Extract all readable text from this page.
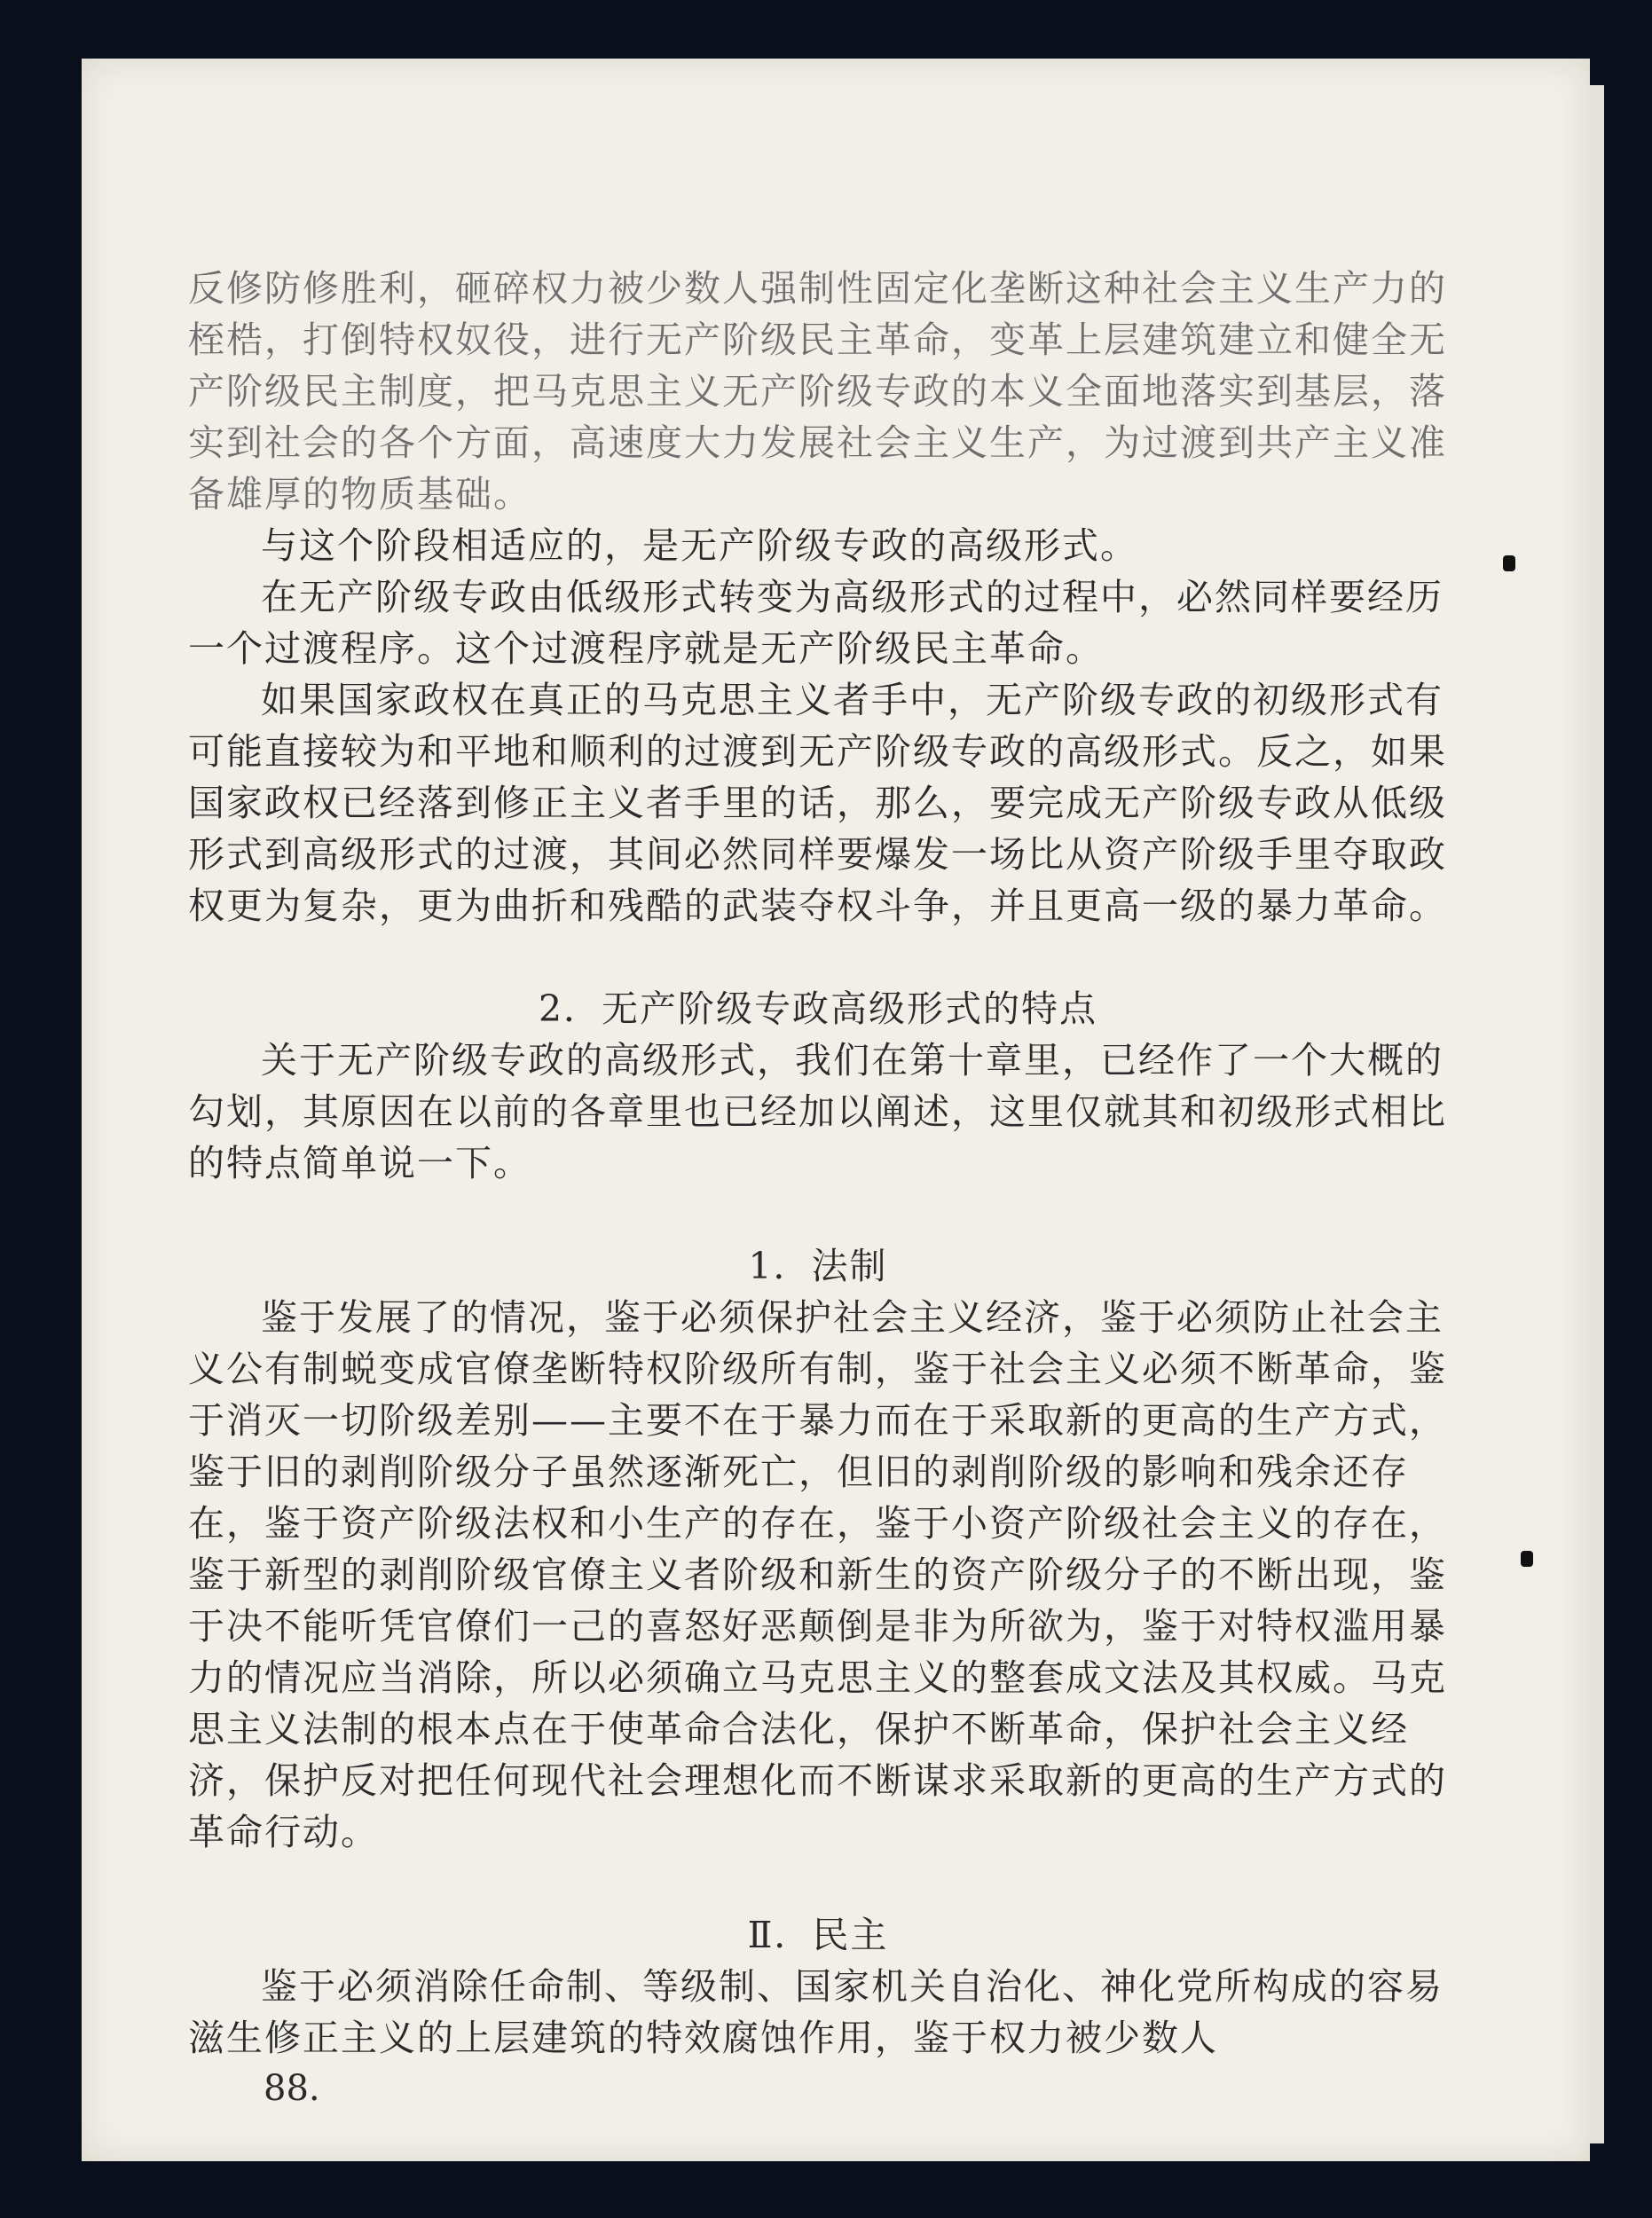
反修防修胜利，砸碎权力被少数人强制性固定化垄断这种社会主义生产力的桎梏，打倒特权奴役，进行无产阶级民主革命，变革上层建筑建立和健全无产阶级民主制度，把马克思主义无产阶级专政的本义全面地落实到基层，落实到社会的各个方面，高速度大力发展社会主义生产，为过渡到共产主义准备雄厚的物质基础。

与这个阶段相适应的，是无产阶级专政的高级形式。

在无产阶级专政由低级形式转变为高级形式的过程中，必然同样要经历一个过渡程序。这个过渡程序就是无产阶级民主革命。

如果国家政权在真正的马克思主义者手中，无产阶级专政的初级形式有可能直接较为和平地和顺利的过渡到无产阶级专政的高级形式。反之，如果国家政权已经落到修正主义者手里的话，那么，要完成无产阶级专政从低级形式到高级形式的过渡，其间必然同样要爆发一场比从资产阶级手里夺取政权更为复杂，更为曲折和残酷的武装夺权斗争，并且更高一级的暴力革命。

2．无产阶级专政高级形式的特点

关于无产阶级专政的高级形式，我们在第十章里，已经作了一个大概的勾划，其原因在以前的各章里也已经加以阐述，这里仅就其和初级形式相比的特点简单说一下。

1．法制

鉴于发展了的情况，鉴于必须保护社会主义经济，鉴于必须防止社会主义公有制蜕变成官僚垄断特权阶级所有制，鉴于社会主义必须不断革命，鉴于消灭一切阶级差别——主要不在于暴力而在于采取新的更高的生产方式，鉴于旧的剥削阶级分子虽然逐渐死亡，但旧的剥削阶级的影响和残余还存在，鉴于资产阶级法权和小生产的存在，鉴于小资产阶级社会主义的存在，鉴于新型的剥削阶级官僚主义者阶级和新生的资产阶级分子的不断出现，鉴于决不能听凭官僚们一己的喜怒好恶颠倒是非为所欲为，鉴于对特权滥用暴力的情况应当消除，所以必须确立马克思主义的整套成文法及其权威。马克思主义法制的根本点在于使革命合法化，保护不断革命，保护社会主义经济，保护反对把任何现代社会理想化而不断谋求采取新的更高的生产方式的革命行动。

Ⅱ．民主

鉴于必须消除任命制、等级制、国家机关自治化、神化党所构成的容易滋生修正主义的上层建筑的特效腐蚀作用，鉴于权力被少数人

88.
